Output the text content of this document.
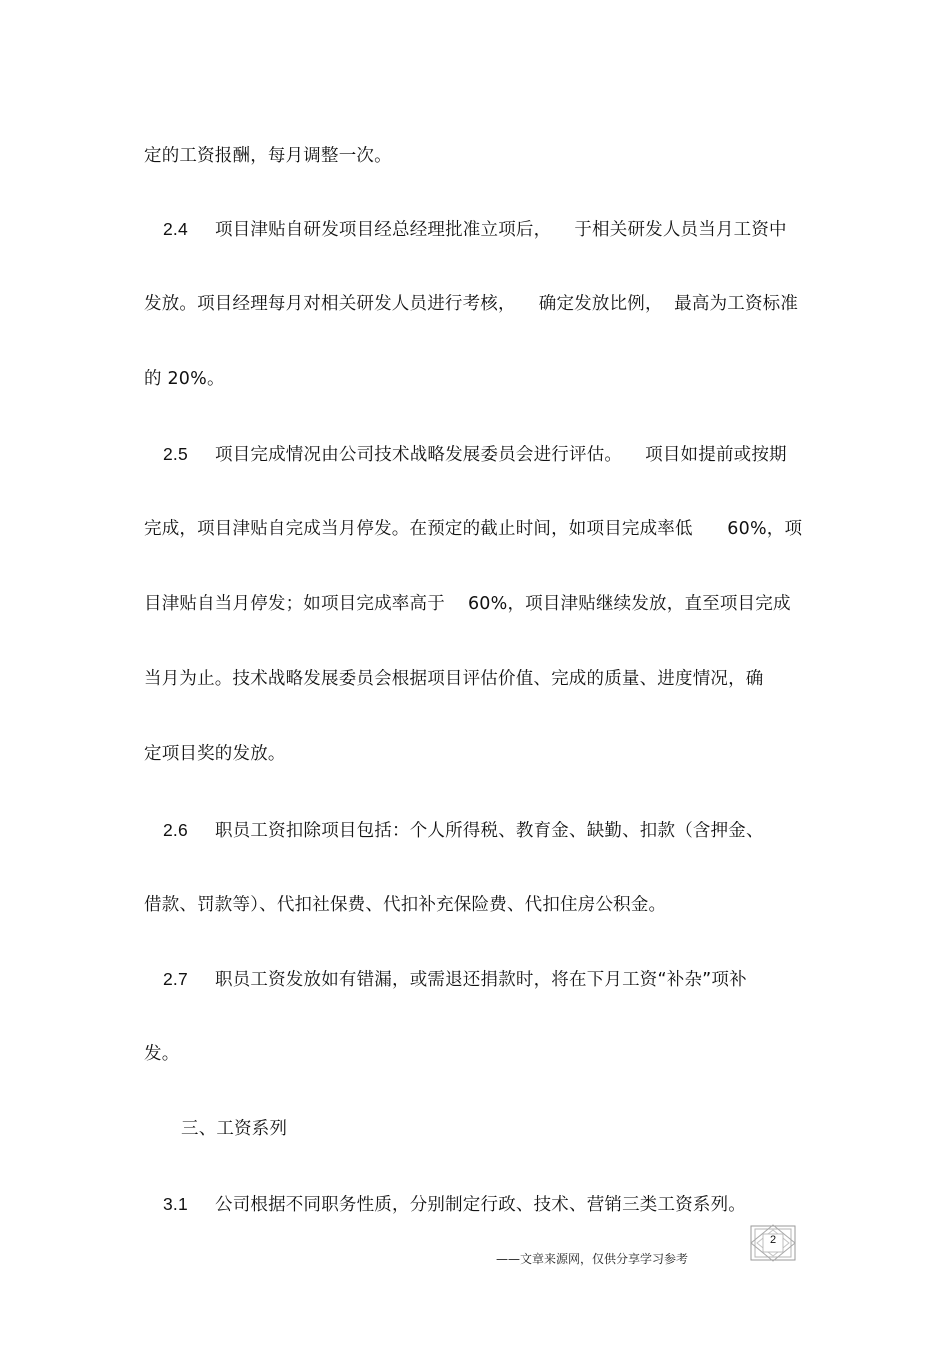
定的工资报酬，每月调整一次。
2.4 项目津贴自研发项目经总经理批准立项后，    于相关研发人员当月工资中
发放。项目经理每月对相关研发人员进行考核，    确定发放比例，  最高为工资标准
的 20%。
2.5 项目完成情况由公司技术战略发展委员会进行评估。    项目如提前或按期
完成，项目津贴自完成当月停发。在预定的截止时间，如项目完成率低      60%，项
目津贴自当月停发；如项目完成率高于    60%，项目津贴继续发放，直至项目完成
当月为止。技术战略发展委员会根据项目评估价值、完成的质量、进度情况，确
定项目奖的发放。
2.6 职员工资扣除项目包括：个人所得税、教育金、缺勤、扣款（含押金、
借款、罚款等）、代扣社保费、代扣补充保险费、代扣住房公积金。
2.7 职员工资发放如有错漏，或需退还捐款时，将在下月工资“补杂”项补
发。
三、工资系列
3.1 公司根据不同职务性质，分别制定行政、技术、营销三类工资系列。
2
——文章来源网，仅供分享学习参考
